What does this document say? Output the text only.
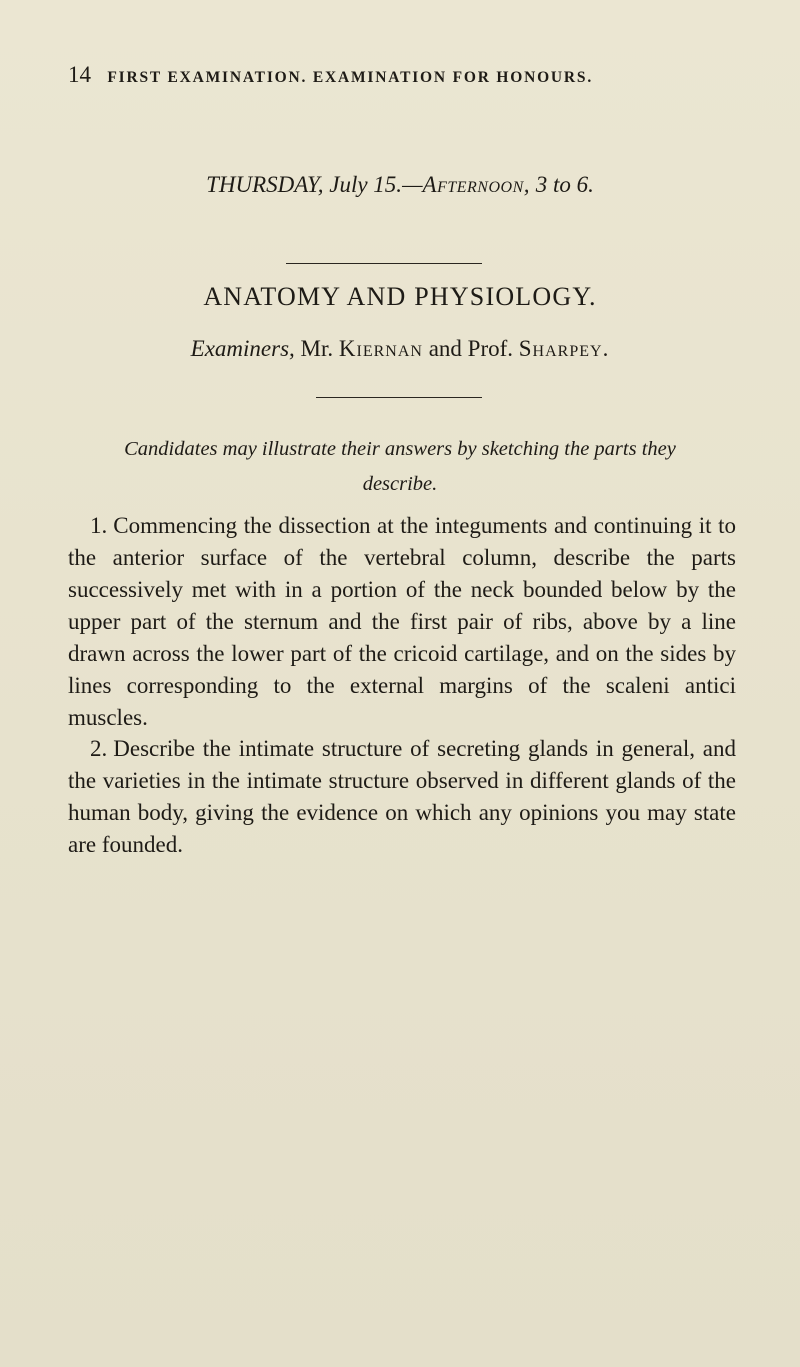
14 FIRST EXAMINATION. EXAMINATION FOR HONOURS.
THURSDAY, July 15.—Afternoon, 3 to 6.
ANATOMY AND PHYSIOLOGY.
Examiners, Mr. Kiernan and Prof. Sharpey.
Candidates may illustrate their answers by sketching the parts they describe.
1. Commencing the dissection at the integuments and continuing it to the anterior surface of the vertebral column, describe the parts successively met with in a portion of the neck bounded below by the upper part of the sternum and the first pair of ribs, above by a line drawn across the lower part of the cricoid cartilage, and on the sides by lines corresponding to the external margins of the scaleni antici muscles.
2. Describe the intimate structure of secreting glands in general, and the varieties in the intimate structure observed in different glands of the human body, giving the evidence on which any opinions you may state are founded.
